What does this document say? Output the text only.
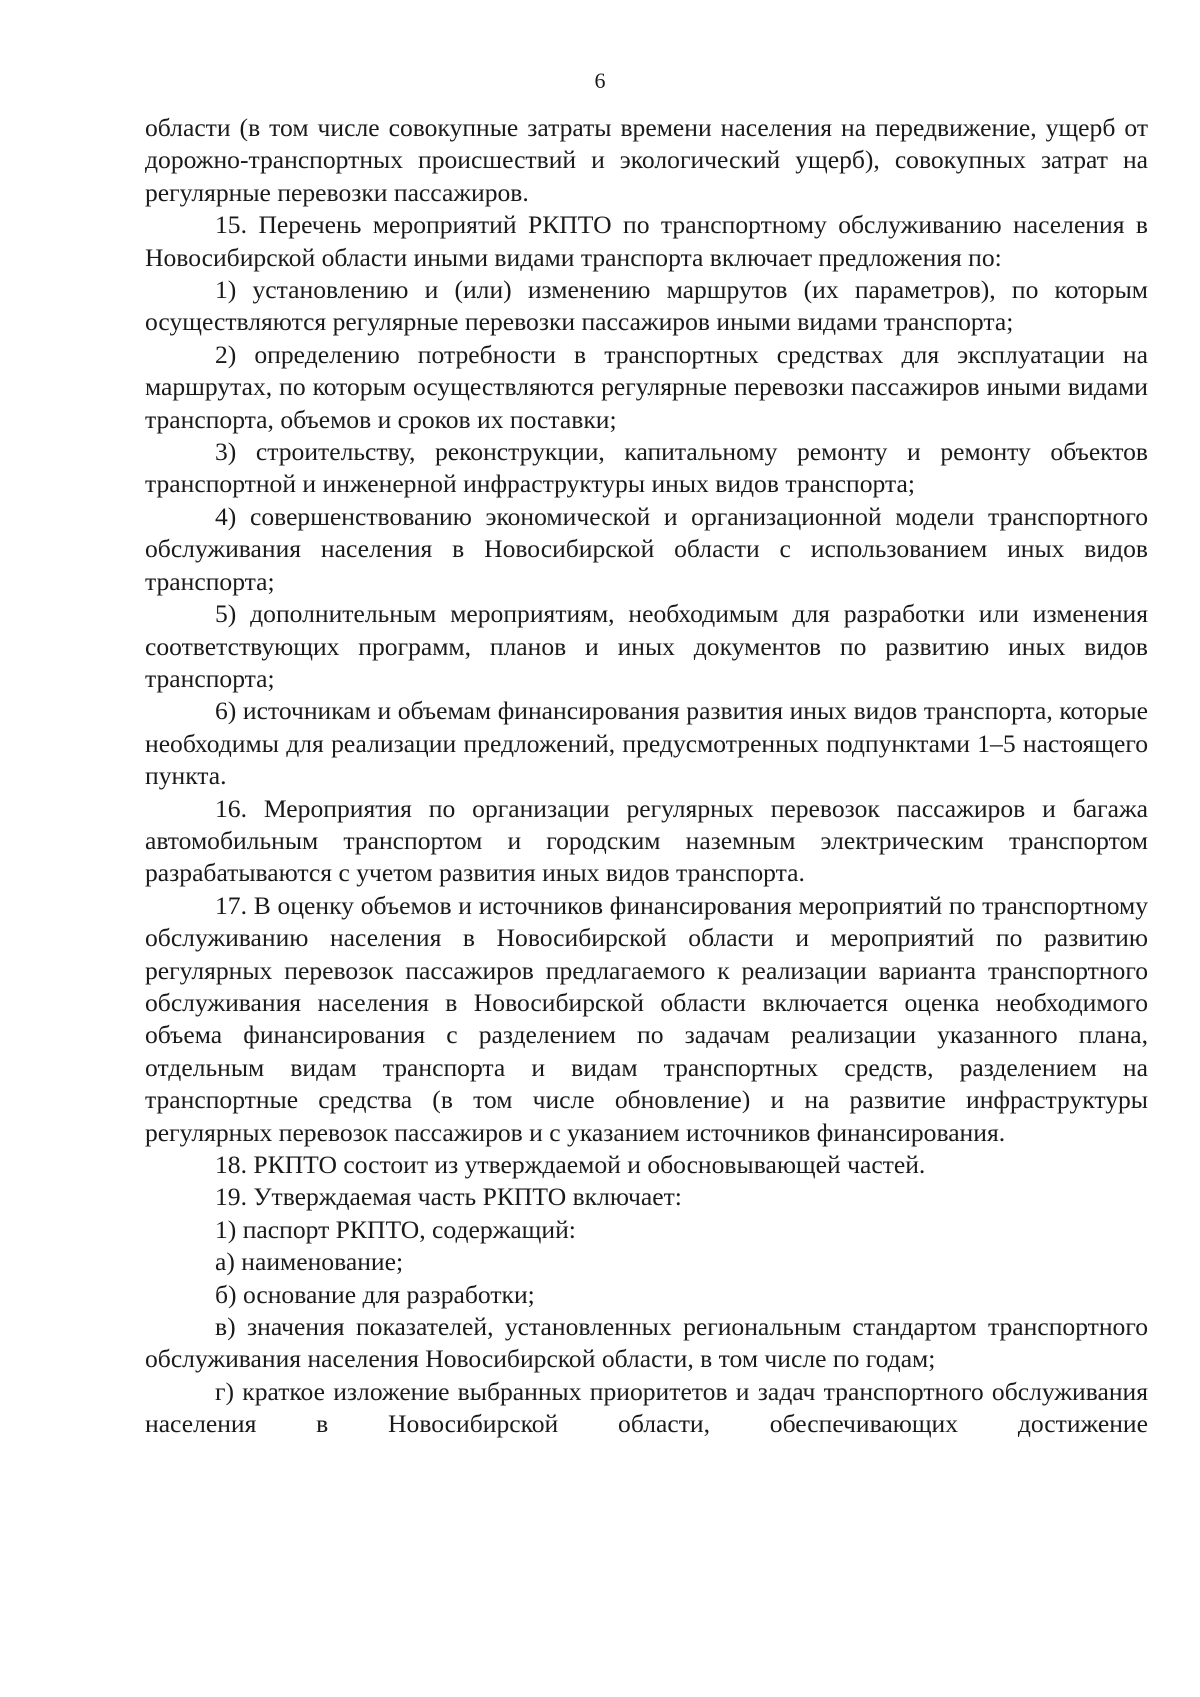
6

области (в том числе совокупные затраты времени населения на передвижение, ущерб от дорожно-транспортных происшествий и экологический ущерб), совокупных затрат на регулярные перевозки пассажиров.

15. Перечень мероприятий РКПТО по транспортному обслуживанию населения в Новосибирской области иными видами транспорта включает предложения по:

1) установлению и (или) изменению маршрутов (их параметров), по которым осуществляются регулярные перевозки пассажиров иными видами транспорта;

2) определению потребности в транспортных средствах для эксплуатации на маршрутах, по которым осуществляются регулярные перевозки пассажиров иными видами транспорта, объемов и сроков их поставки;

3) строительству, реконструкции, капитальному ремонту и ремонту объектов транспортной и инженерной инфраструктуры иных видов транспорта;

4) совершенствованию экономической и организационной модели транспортного обслуживания населения в Новосибирской области с использованием иных видов транспорта;

5) дополнительным мероприятиям, необходимым для разработки или изменения соответствующих программ, планов и иных документов по развитию иных видов транспорта;

6) источникам и объемам финансирования развития иных видов транспорта, которые необходимы для реализации предложений, предусмотренных подпунктами 1–5 настоящего пункта.

16. Мероприятия по организации регулярных перевозок пассажиров и багажа автомобильным транспортом и городским наземным электрическим транспортом разрабатываются с учетом развития иных видов транспорта.

17. В оценку объемов и источников финансирования мероприятий по транспортному обслуживанию населения в Новосибирской области и мероприятий по развитию регулярных перевозок пассажиров предлагаемого к реализации варианта транспортного обслуживания населения в Новосибирской области включается оценка необходимого объема финансирования с разделением по задачам реализации указанного плана, отдельным видам транспорта и видам транспортных средств, разделением на транспортные средства (в том числе обновление) и на развитие инфраструктуры регулярных перевозок пассажиров и с указанием источников финансирования.

18. РКПТО состоит из утверждаемой и обосновывающей частей.

19. Утверждаемая часть РКПТО включает:

1) паспорт РКПТО, содержащий:

а) наименование;

б) основание для разработки;

в) значения показателей, установленных региональным стандартом транспортного обслуживания населения Новосибирской области, в том числе по годам;

г) краткое изложение выбранных приоритетов и задач транспортного обслуживания населения в Новосибирской области, обеспечивающих достижение
